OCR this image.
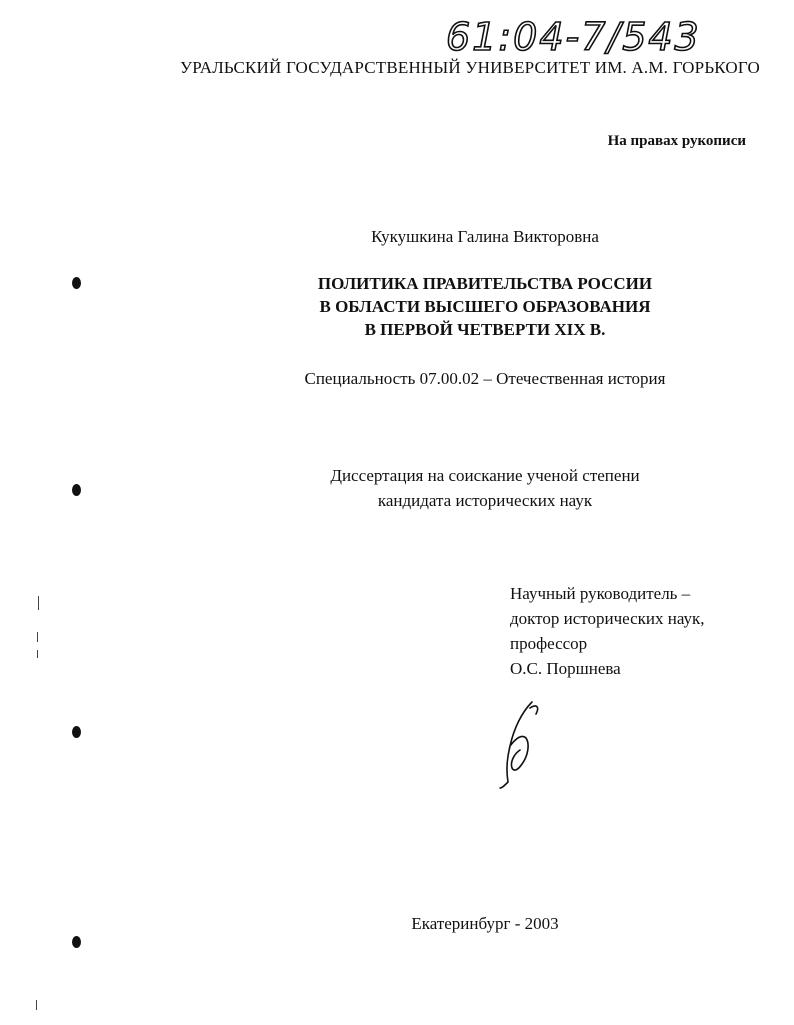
61:04-7/543
УРАЛЬСКИЙ ГОСУДАРСТВЕННЫЙ УНИВЕРСИТЕТ ИМ. А.М. ГОРЬКОГО
На правах рукописи
Кукушкина Галина Викторовна
ПОЛИТИКА ПРАВИТЕЛЬСТВА РОССИИ
В ОБЛАСТИ ВЫСШЕГО ОБРАЗОВАНИЯ
В ПЕРВОЙ ЧЕТВЕРТИ XIX В.
Специальность 07.00.02 – Отечественная история
Диссертация на соискание ученой степени
кандидата исторических наук
Научный руководитель –
доктор исторических наук,
профессор
О.С. Поршнева
Екатеринбург - 2003
